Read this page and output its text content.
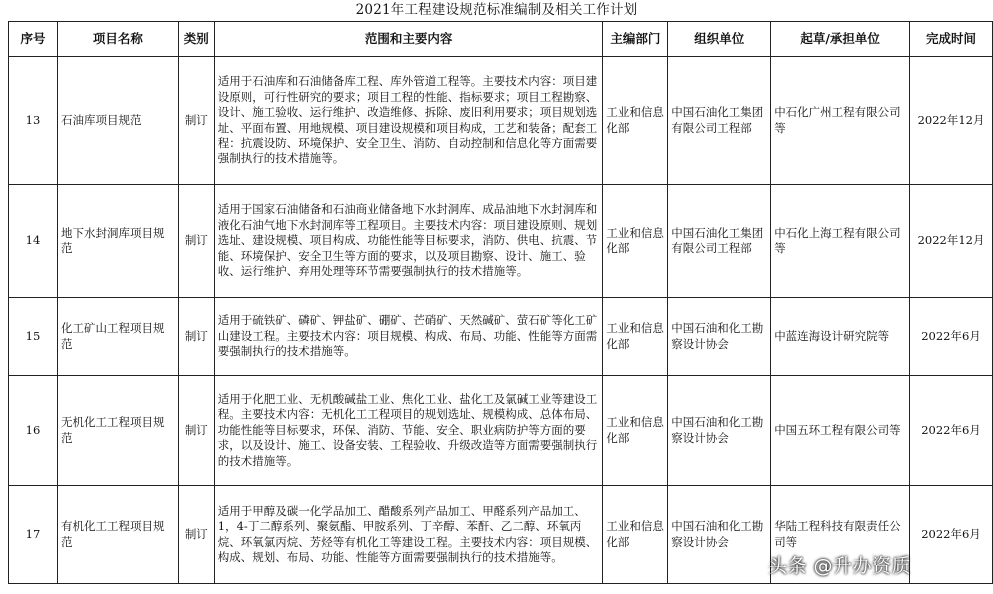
2021年工程建设规范标准编制及相关工作计划
序号	项目名称	类别	范围和主要内容	主编部门	组织单位	起草/承担单位	完成时间
13	石油库项目规范	制订	适用于石油库和石油储备库工程、库外管道工程等。主要技术内容：项目建设原则，可行性研究的要求；项目工程的性能、指标要求；项目工程勘察、设计、施工验收、运行维护、改造维修、拆除、废旧利用要求；项目规划选址、平面布置、用地规模、项目建设规模和项目构成，工艺和装备；配套工程：抗震设防、环境保护、安全卫生、消防、自动控制和信息化等方面需要强制执行的技术措施等。	工业和信息化部	中国石油化工集团有限公司工程部	中石化广州工程有限公司等	2022年12月
14	地下水封洞库项目规范	制订	适用于国家石油储备和石油商业储备地下水封洞库、成品油地下水封洞库和液化石油气地下水封洞库等工程项目。主要技术内容：项目建设原则、规划选址、建设规模、项目构成、功能性能等目标要求，消防、供电、抗震、节能、环境保护、安全卫生等方面的要求，以及项目勘察、设计、施工、验收、运行维护、弃用处理等环节需要强制执行的技术措施等。	工业和信息化部	中国石油化工集团有限公司工程部	中石化上海工程有限公司等	2022年12月
15	化工矿山工程项目规范	制订	适用于硫铁矿、磷矿、钾盐矿、硼矿、芒硝矿、天然碱矿、萤石矿等化工矿山建设工程。主要技术内容：项目规模、构成、布局、功能、性能等方面需要强制执行的技术措施等。	工业和信息化部	中国石油和化工勘察设计协会	中蓝连海设计研究院等	2022年6月
16	无机化工工程项目规范	制订	适用于化肥工业、无机酸碱盐工业、焦化工业、盐化工及氯碱工业等建设工程。主要技术内容：无机化工工程项目的规划选址、规模构成、总体布局、功能性能等目标要求，环保、消防、节能、安全、职业病防护等方面的要求，以及设计、施工、设备安装、工程验收、升级改造等方面需要强制执行的技术措施等。	工业和信息化部	中国石油和化工勘察设计协会	中国五环工程有限公司等	2022年6月
17	有机化工工程项目规范	制订	适用于甲醇及碳一化学品加工、醋酸系列产品加工、甲醛系列产品加工、1，4-丁二醇系列、聚氨酯、甲胺系列、丁辛醇、苯酐、乙二醇、环氧丙烷、环氧氯丙烷、芳烃等有机化工等建设工程。主要技术内容：项目规模、构成、规划、布局、功能、性能等方面需要强制执行的技术措施等。	工业和信息化部	中国石油和化工勘察设计协会	华陆工程科技有限责任公司等	2022年6月
头条 @升办资质
